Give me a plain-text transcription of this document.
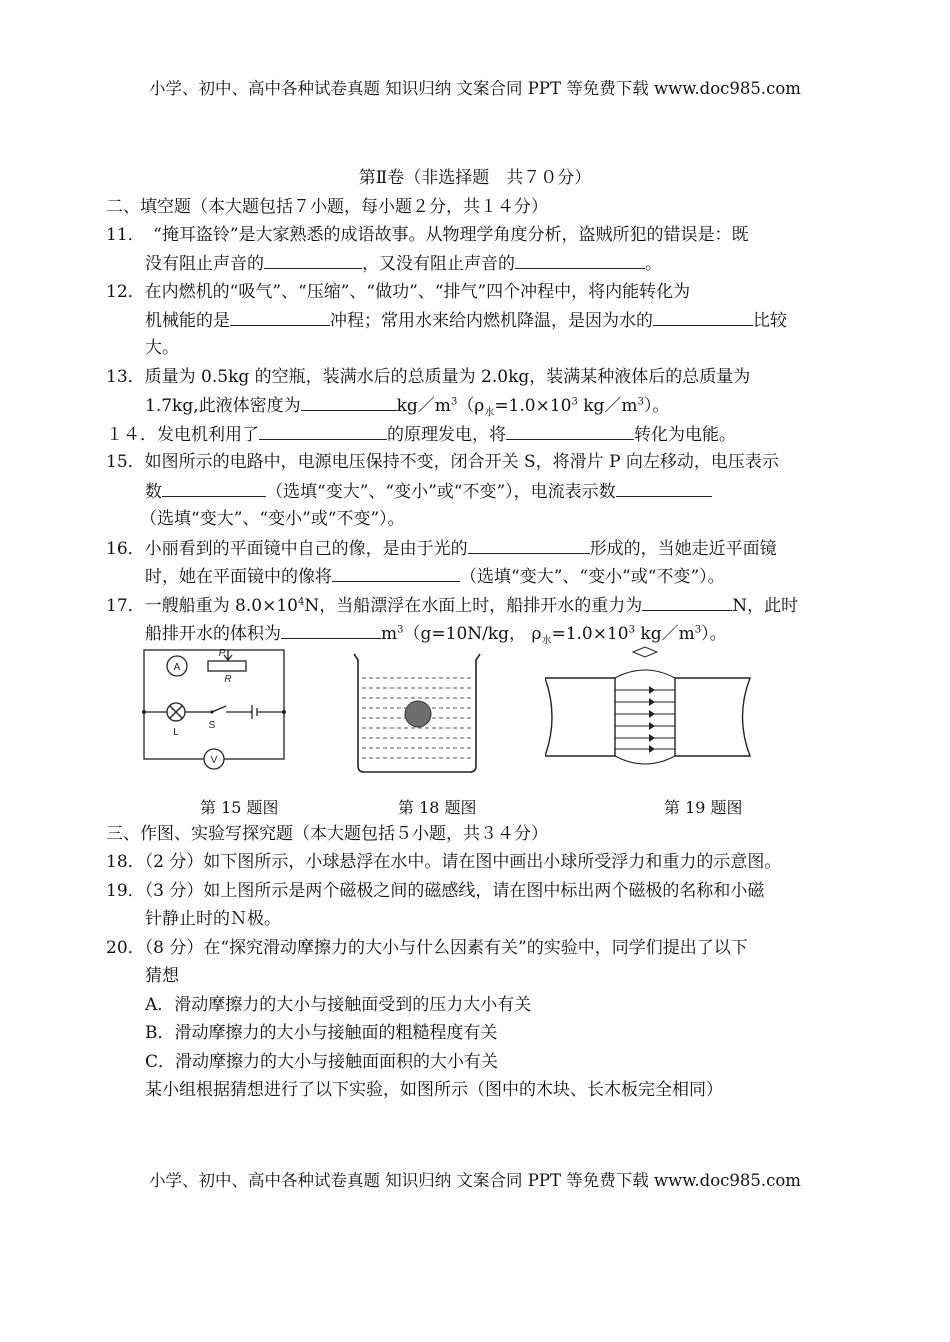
小学、初中、高中各种试卷真题 知识归纳 文案合同 PPT 等免费下载 www.doc985.com
第Ⅱ卷（非选择题　共７０分）
二、填空题（本大题包括７小题，每小题２分，共１４分）
11．　“掩耳盗铃”是大家熟悉的成语故事。从物理学角度分析，盗贼所犯的错误是：既
没有阻止声音的	，又没有阻止声音的	。
12．在内燃机的“吸气”、“压缩”、“做功”、“排气”四个冲程中，将内能转化为
机械能的是	冲程；常用水来给内燃机降温，是因为水的	比较
大。
13．质量为 0.5kg 的空瓶，装满水后的总质量为 2.0kg，装满某种液体后的总质量为
1.7kg,此液体密度为	$kg/m^3(\rho_水=1.0\times 10^3$ $kg/m^3$）。
１４．发电机利用了	的原理发电，将	转化为电能。
15．如图所示的电路中，电源电压保持不变，闭合开关 S，将滑片 P 向左移动，电压表示
数	（选填“变大”、“变小”或“不变”），电流表示数
（选填“变大”、“变小”或“不变”）。
16．小丽看到的平面镜中自己的像，是由于光的	形成的，当她走近平面镜
时，她在平面镜中的像将	（选填“变大”、“变小”或“不变”）。
17．一艘船重为 $8.0\times 10^4N$，当船漂浮在水面上时，船排开水的重力为	N，此时
船排开水的体积为	$m^3(g=10N/kg$， $\rho_水=1.0\times 10^3$ $kg/m^3$）。
A
P
R
L
S
V
第 15 题图	第 18 题图	第 19 题图
三、作图、实验写探究题（本大题包括５小题，共３４分）
18．（2 分）如下图所示，小球悬浮在水中。请在图中画出小球所受浮力和重力的示意图。
19．（3 分）如上图所示是两个磁极之间的磁感线，请在图中标出两个磁极的名称和小磁
针静止时的Ｎ极。
20．（8 分）在“探究滑动摩擦力的大小与什么因素有关”的实验中，同学们提出了以下
猜想
A．滑动摩擦力的大小与接触面受到的压力大小有关
B．滑动摩擦力的大小与接触面的粗糙程度有关
C．滑动摩擦力的大小与接触面面积的大小有关
某小组根据猜想进行了以下实验，如图所示（图中的木块、长木板完全相同）
小学、初中、高中各种试卷真题 知识归纳 文案合同 PPT 等免费下载 www.doc985.com
